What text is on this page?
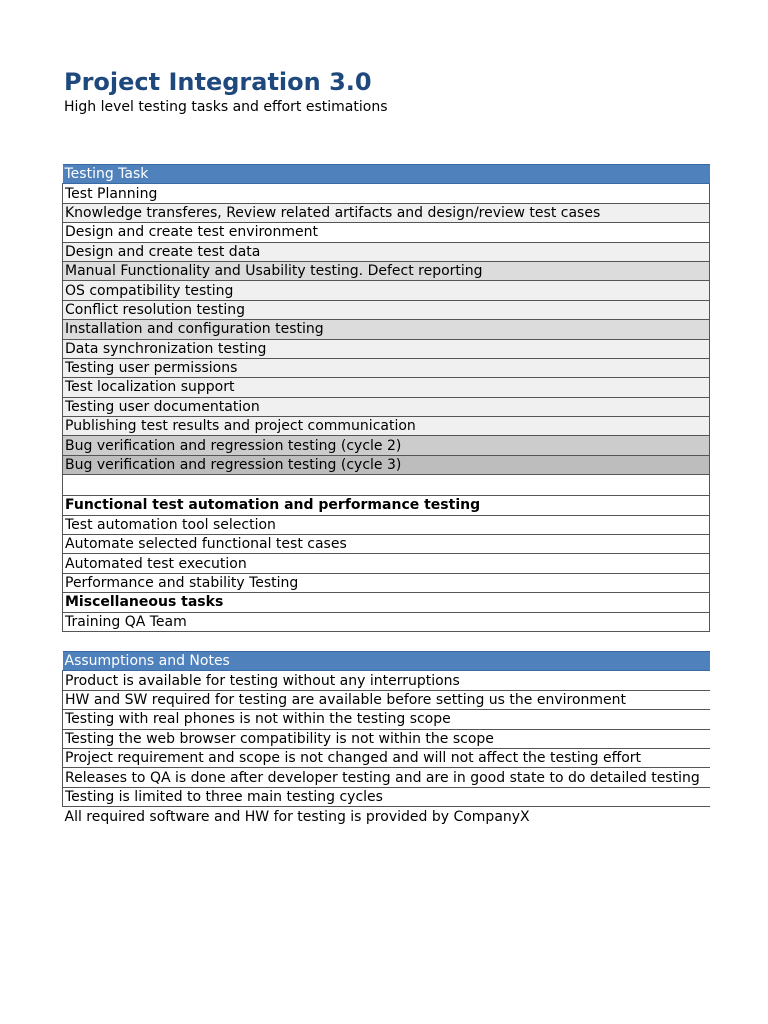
Project Integration 3.0
High level testing tasks and effort estimations
Testing Task
Test Planning
Knowledge transferes, Review related artifacts and design/review test cases
Design and create test environment
Design and create test data
Manual Functionality and Usability testing. Defect reporting
OS compatibility testing
Conflict resolution testing
Installation and configuration testing
Data synchronization testing
Testing user permissions
Test localization support
Testing user documentation
Publishing test results and project communication
Bug verification and regression testing (cycle 2)
Bug verification and regression testing (cycle 3)

Functional test automation and performance testing
Test automation tool selection
Automate selected functional test cases
Automated test execution
Performance and stability Testing
Miscellaneous tasks
Training QA Team
Assumptions and Notes
Product is available for testing without any interruptions
HW and SW required for testing are available before setting us the environment
Testing with real phones is not within the testing scope
Testing the web browser compatibility is not within the scope
Project requirement and scope is not changed and will not affect the testing effort
Releases to QA is done after developer testing and are in good state to do detailed testing
Testing is limited to three main testing cycles
All required software and HW for testing is provided by CompanyX
